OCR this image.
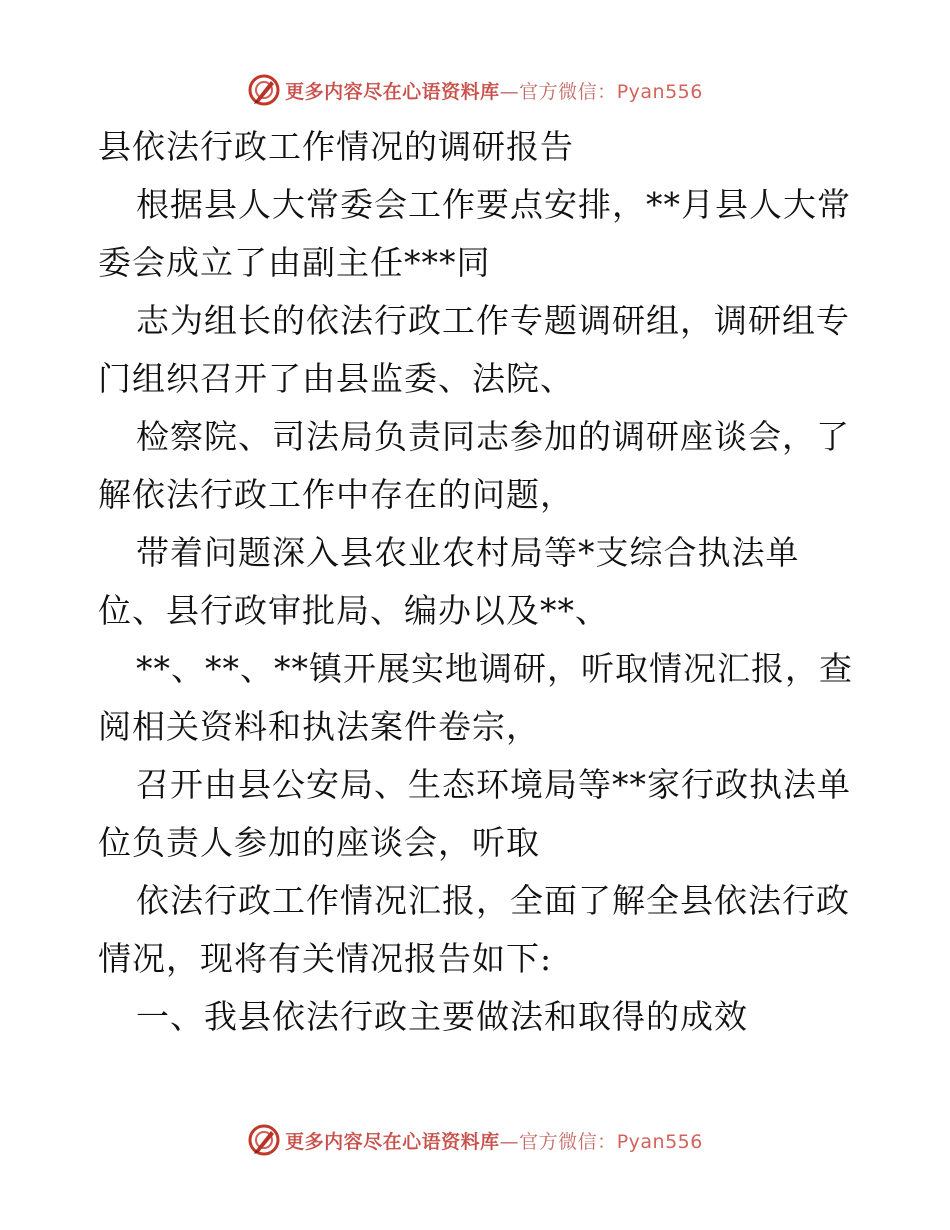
更多内容尽在心语资料库—官方微信：Pyan556

县依法行政工作情况的调研报告

根据县人大常委会工作要点安排，**月县人大常

委会成立了由副主任***同

志为组长的依法行政工作专题调研组，调研组专

门组织召开了由县监委、法院、

检察院、司法局负责同志参加的调研座谈会，了

解依法行政工作中存在的问题，

带着问题深入县农业农村局等*支综合执法单

位、县行政审批局、编办以及**、

**、**、**镇开展实地调研，听取情况汇报，查

阅相关资料和执法案件卷宗，

召开由县公安局、生态环境局等**家行政执法单

位负责人参加的座谈会，听取

依法行政工作情况汇报，全面了解全县依法行政

情况，现将有关情况报告如下:

一、我县依法行政主要做法和取得的成效

更多内容尽在心语资料库—官方微信：Pyan556
